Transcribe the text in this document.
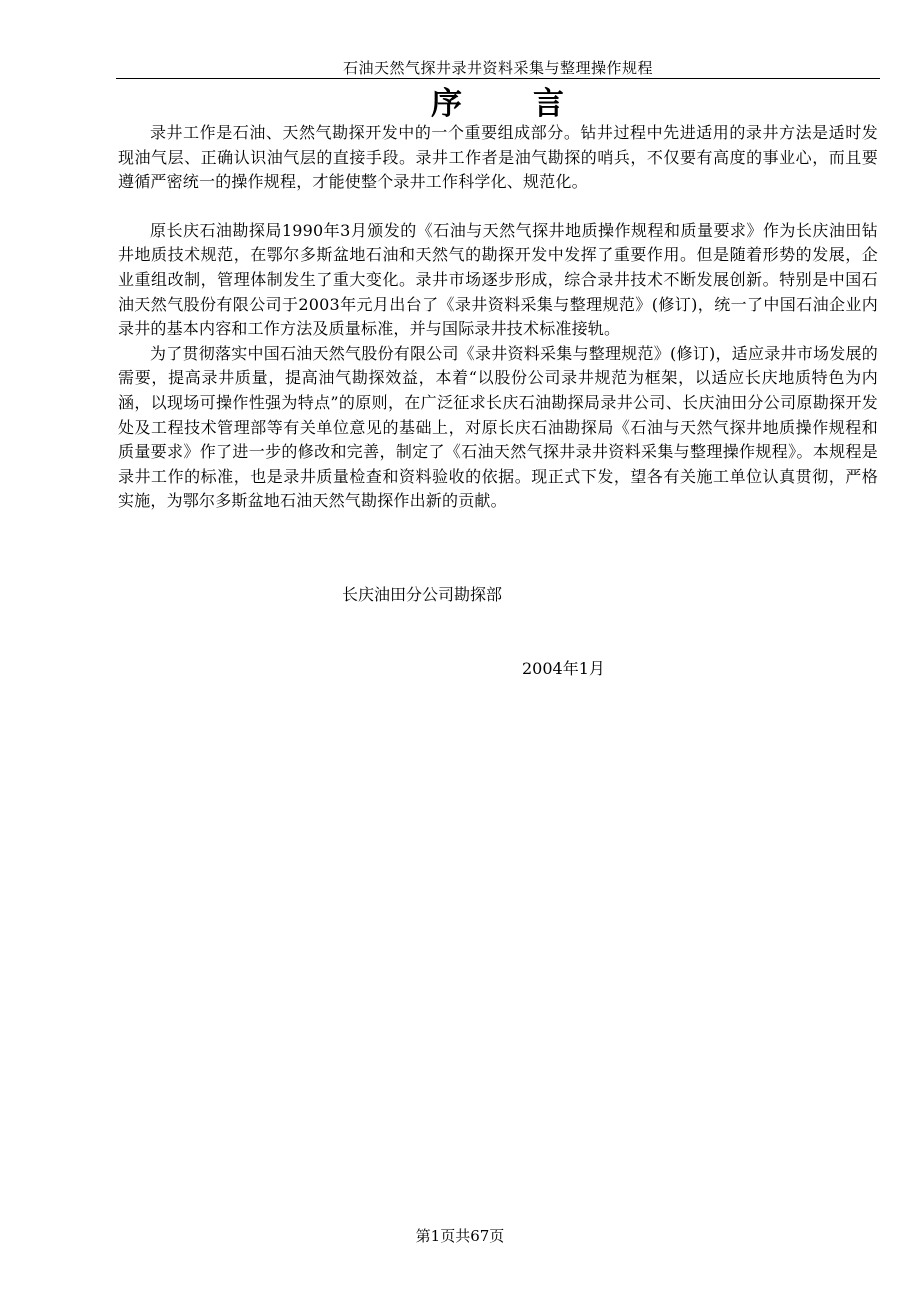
石油天然气探井录井资料采集与整理操作规程
序 言

录井工作是石油、天然气勘探开发中的一个重要组成部分。钻井过程中先进适用的录井方法是适时发现油气层、正确认识油气层的直接手段。录井工作者是油气勘探的哨兵，不仅要有高度的事业心，而且要遵循严密统一的操作规程，才能使整个录井工作科学化、规范化。

原长庆石油勘探局1990年3月颁发的《石油与天然气探井地质操作规程和质量要求》作为长庆油田钻井地质技术规范，在鄂尔多斯盆地石油和天然气的勘探开发中发挥了重要作用。但是随着形势的发展，企业重组改制，管理体制发生了重大变化。录井市场逐步形成，综合录井技术不断发展创新。特别是中国石油天然气股份有限公司于2003年元月出台了《录井资料采集与整理规范》(修订)，统一了中国石油企业内录井的基本内容和工作方法及质量标准，并与国际录井技术标准接轨。

为了贯彻落实中国石油天然气股份有限公司《录井资料采集与整理规范》(修订)，适应录井市场发展的需要，提高录井质量，提高油气勘探效益，本着“以股份公司录井规范为框架，以适应长庆地质特色为内涵，以现场可操作性强为特点”的原则，在广泛征求长庆石油勘探局录井公司、长庆油田分公司原勘探开发处及工程技术管理部等有关单位意见的基础上，对原长庆石油勘探局《石油与天然气探井地质操作规程和质量要求》作了进一步的修改和完善，制定了《石油天然气探井录井资料采集与整理操作规程》。本规程是录井工作的标准，也是录井质量检查和资料验收的依据。现正式下发，望各有关施工单位认真贯彻，严格实施，为鄂尔多斯盆地石油天然气勘探作出新的贡献。

长庆油田分公司勘探部
2004年1月
第1页共67页
